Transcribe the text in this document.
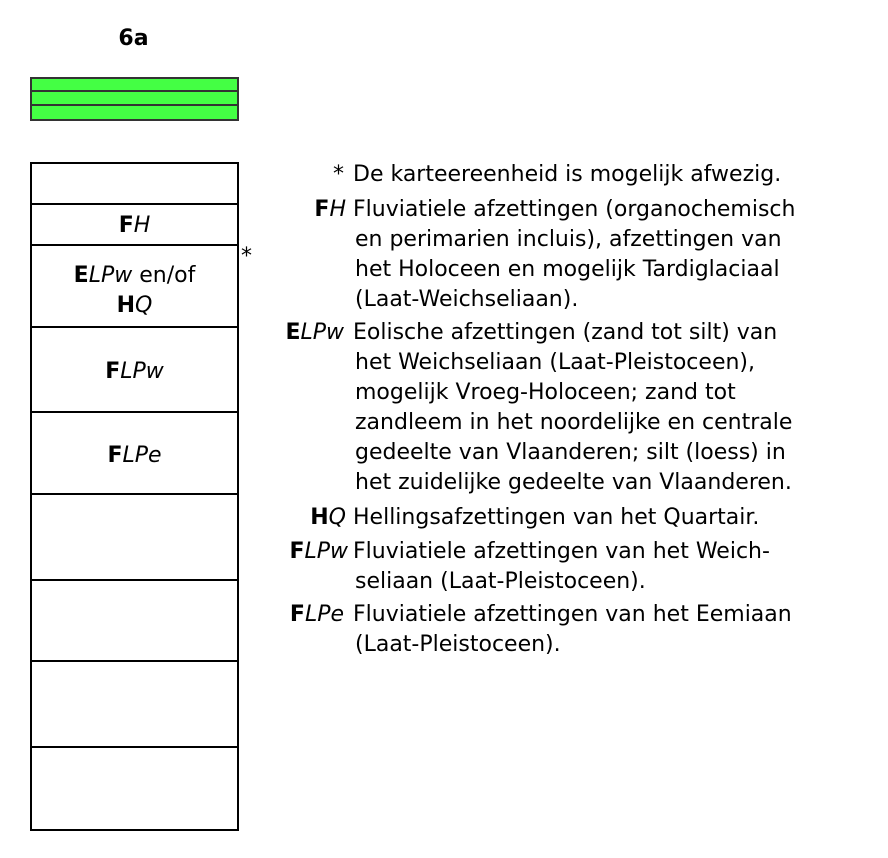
6a
FH
ELPw en/of
HQ
FLPw
FLPe
*
* De karteereenheid is mogelijk afwezig.
FH Fluviatiele afzettingen (organochemisch
en perimarien incluis), afzettingen van
het Holoceen en mogelijk Tardiglaciaal
(Laat-Weichseliaan).
ELPw Eolische afzettingen (zand tot silt) van
het Weichseliaan (Laat-Pleistoceen),
mogelijk Vroeg-Holoceen; zand tot
zandleem in het noordelijke en centrale
gedeelte van Vlaanderen; silt (loess) in
het zuidelijke gedeelte van Vlaanderen.
HQ Hellingsafzettingen van het Quartair.
FLPw Fluviatiele afzettingen van het Weich-
seliaan (Laat-Pleistoceen).
FLPe Fluviatiele afzettingen van het Eemiaan
(Laat-Pleistoceen).
